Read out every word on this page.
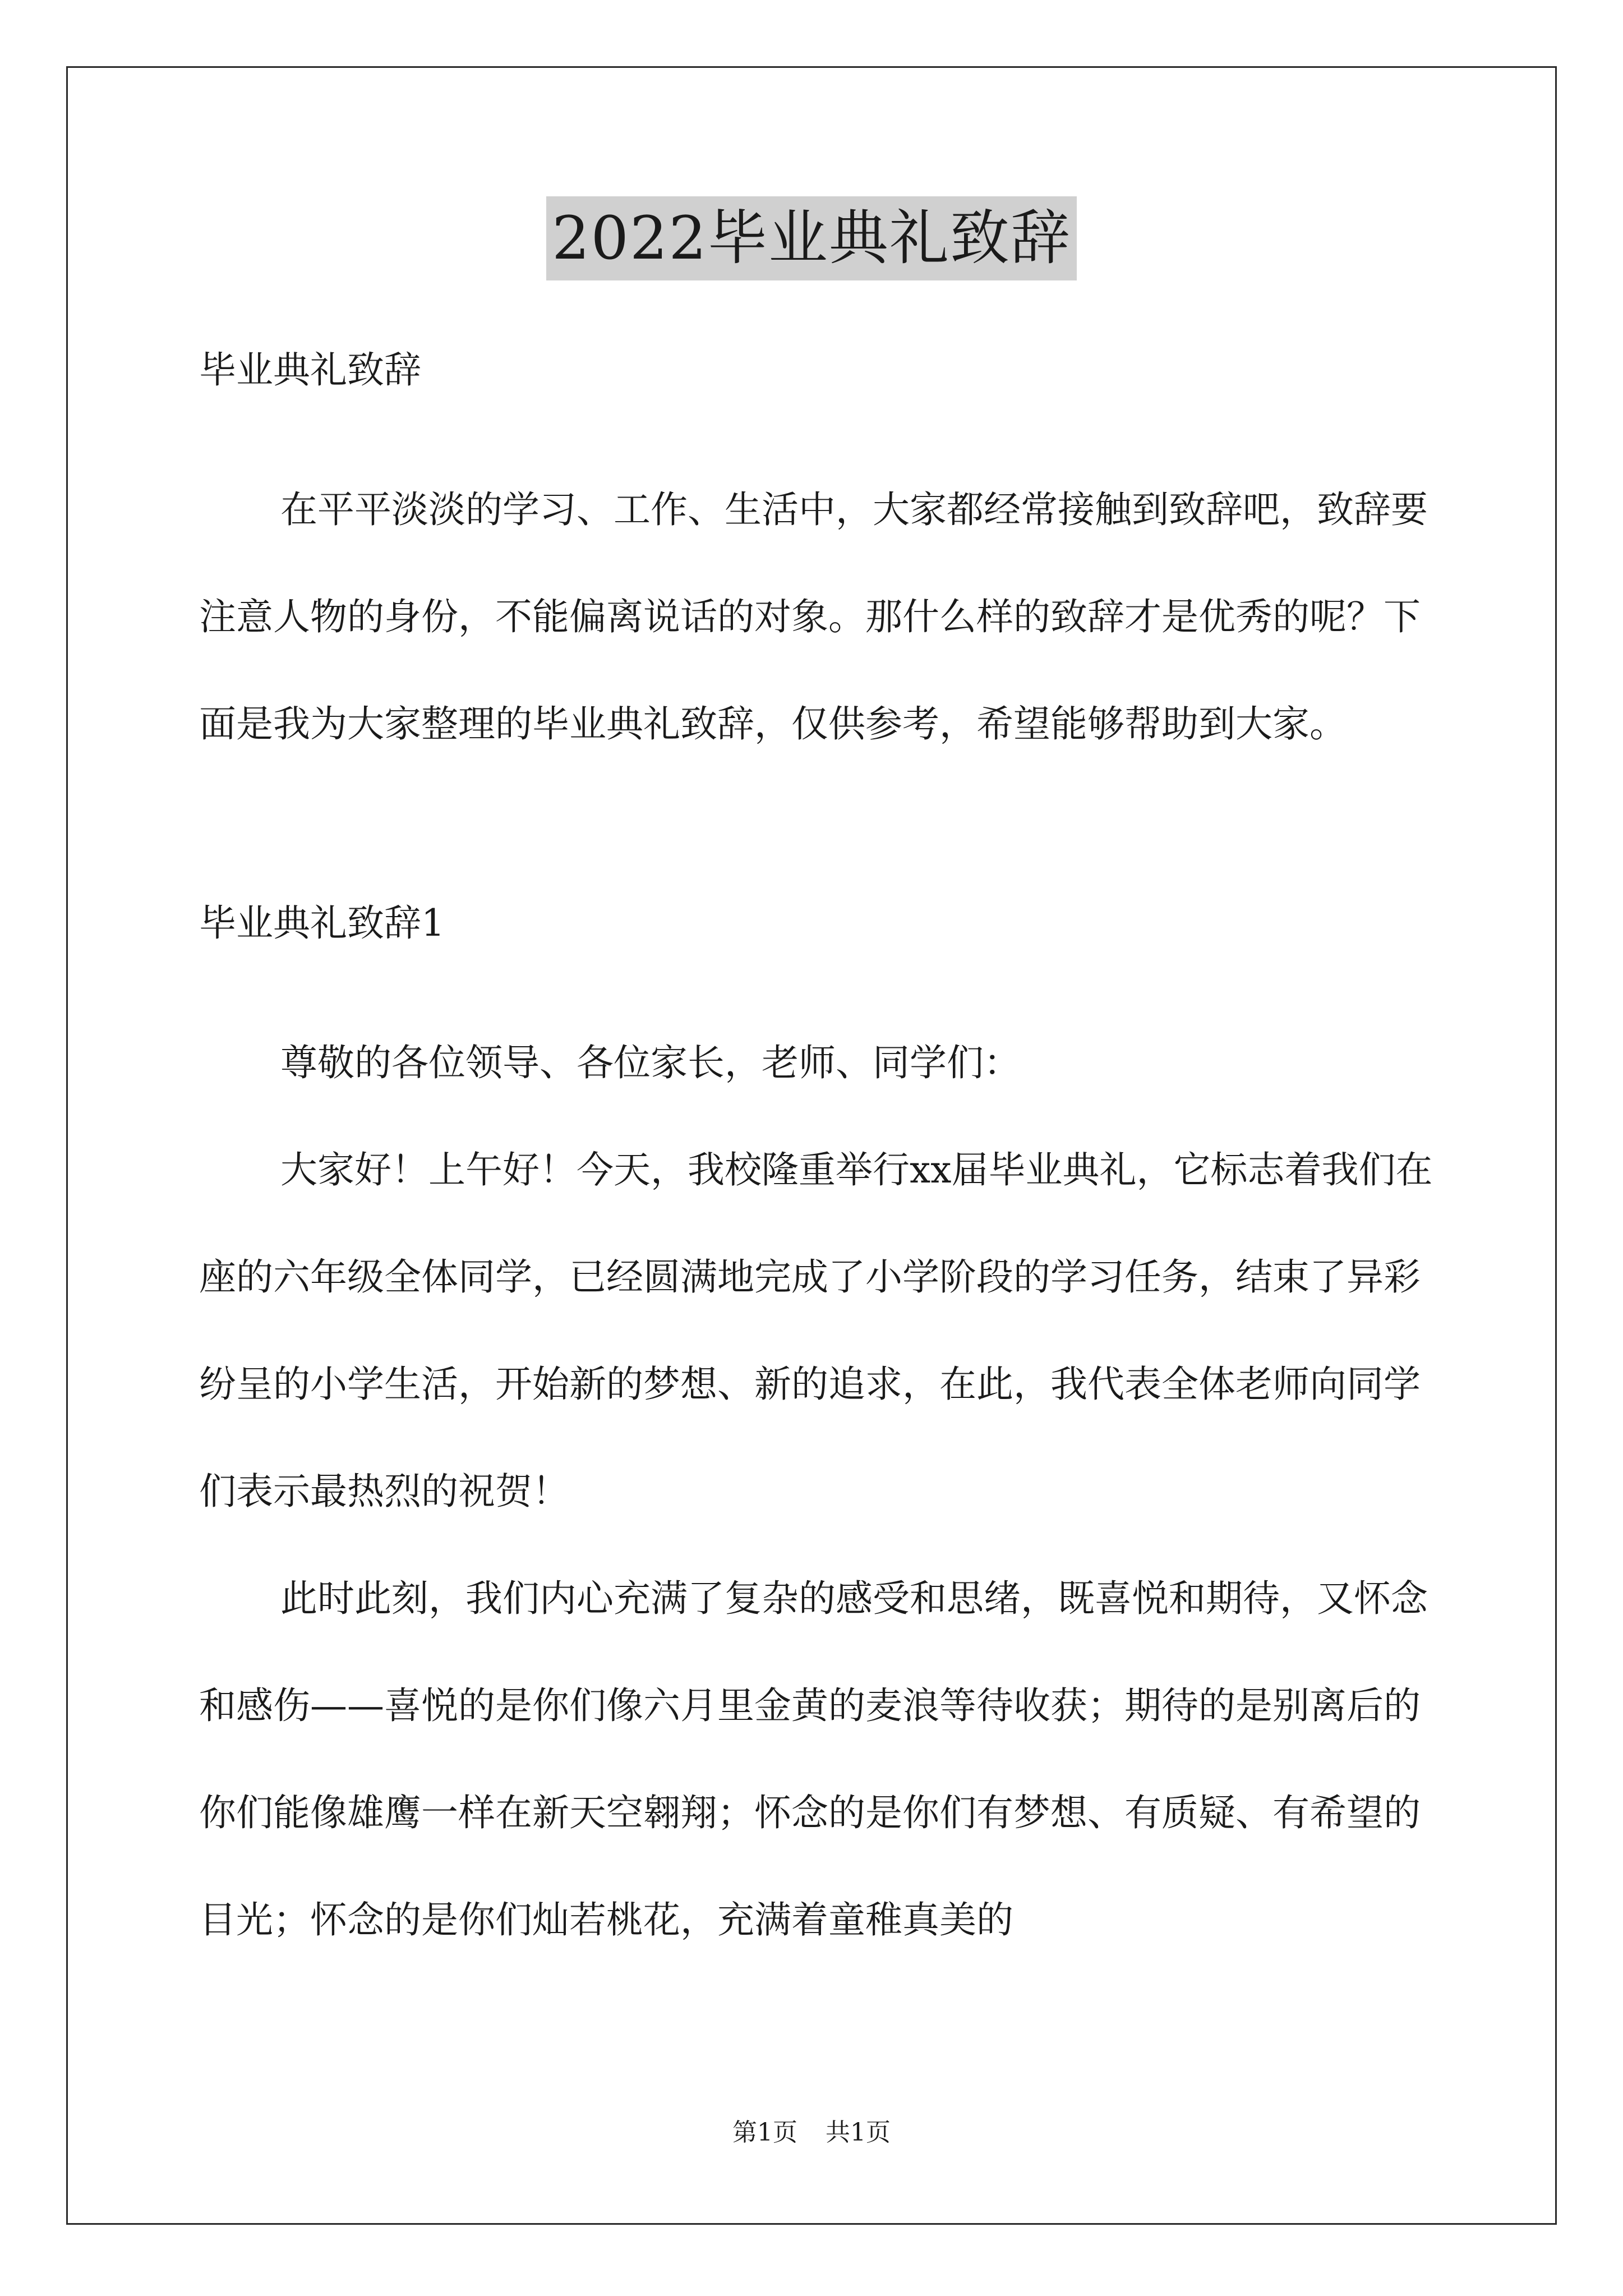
2022毕业典礼致辞
毕业典礼致辞

在平平淡淡的学习、工作、生活中，大家都经常接触到致辞吧，致辞要注意人物的身份，不能偏离说话的对象。那什么样的致辞才是优秀的呢？下面是我为大家整理的毕业典礼致辞，仅供参考，希望能够帮助到大家。

毕业典礼致辞1

尊敬的各位领导、各位家长，老师、同学们：

大家好！上午好！今天，我校隆重举行xx届毕业典礼，它标志着我们在座的六年级全体同学，已经圆满地完成了小学阶段的学习任务，结束了异彩纷呈的小学生活，开始新的梦想、新的追求，在此，我代表全体老师向同学们表示最热烈的祝贺！

此时此刻，我们内心充满了复杂的感受和思绪，既喜悦和期待，又怀念和感伤——喜悦的是你们像六月里金黄的麦浪等待收获；期待的是别离后的你们能像雄鹰一样在新天空翱翔；怀念的是你们有梦想、有质疑、有希望的目光；怀念的是你们灿若桃花，充满着童稚真美的

第1页 共1页
